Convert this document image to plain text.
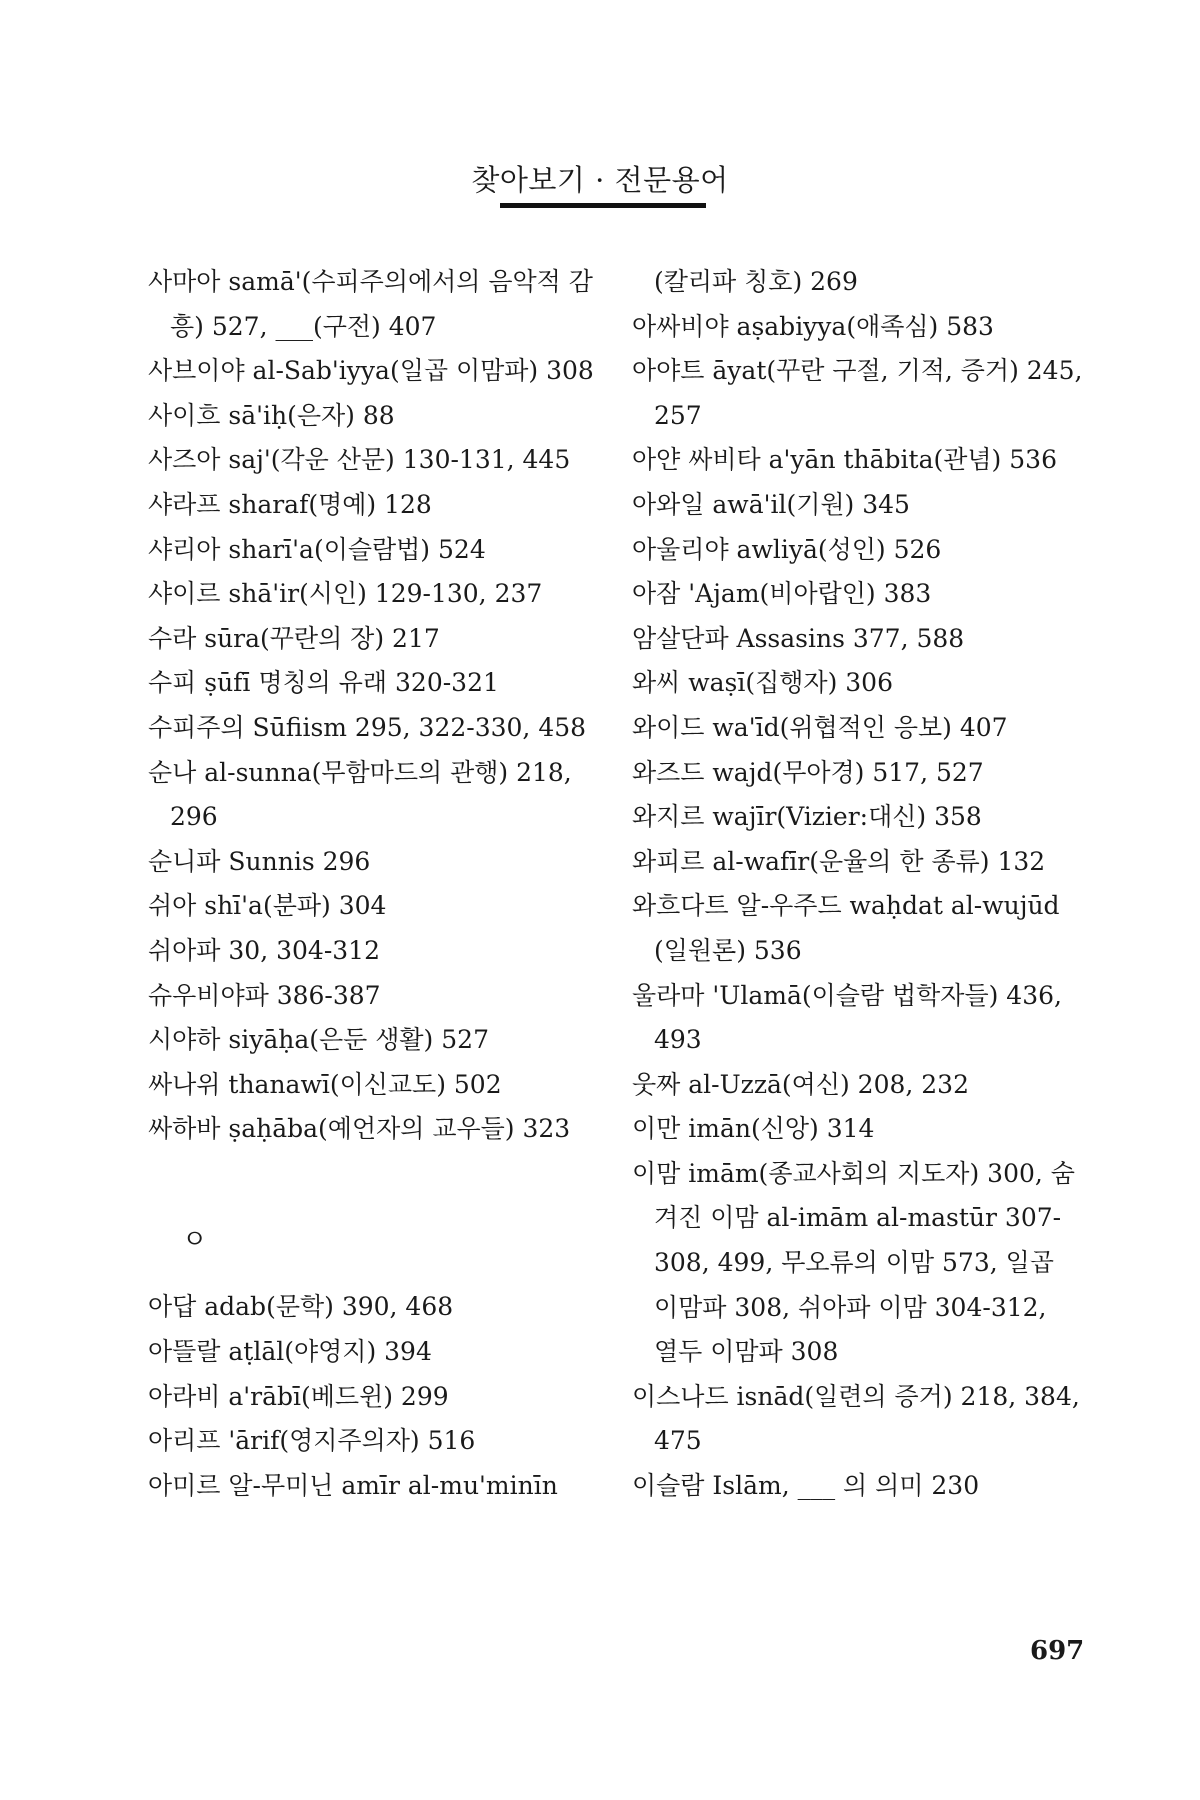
찾아보기 · 전문용어
사마아 samā'(수피주의에서의 음악적 감
흥) 527, ___(구전) 407
사브이야 al-Sab'iyya(일곱 이맘파) 308
사이흐 sā'iḥ(은자) 88
사즈아 saj'(각운 산문) 130-131, 445
샤라프 sharaf(명예) 128
샤리아 sharī'a(이슬람법) 524
샤이르 shā'ir(시인) 129-130, 237
수라 sūra(꾸란의 장) 217
수피 ṣūfī 명칭의 유래 320-321
수피주의 Sūfiism 295, 322-330, 458
순나 al-sunna(무함마드의 관행) 218,
296
순니파 Sunnis 296
쉬아 shī'a(분파) 304
쉬아파 30, 304-312
슈우비야파 386-387
시야하 siyāḥa(은둔 생활) 527
싸나위 thanawī(이신교도) 502
싸하바 ṣaḥāba(예언자의 교우들) 323
ㅇ
아답 adab(문학) 390, 468
아뜰랄 aṭlāl(야영지) 394
아라비 a'rābī(베드윈) 299
아리프 'ārif(영지주의자) 516
아미르 알-무미닌 amīr al-mu'minīn
(칼리파 칭호) 269
아싸비야 aṣabiyya(애족심) 583
아야트 āyat(꾸란 구절, 기적, 증거) 245,
257
아얀 싸비타 a'yān thābita(관념) 536
아와일 awā'il(기원) 345
아울리야 awliyā(성인) 526
아잠 'Ajam(비아랍인) 383
암살단파 Assasins 377, 588
와씨 waṣī(집행자) 306
와이드 wa'īd(위협적인 응보) 407
와즈드 wajd(무아경) 517, 527
와지르 wajīr(Vizier:대신) 358
와피르 al-wafīr(운율의 한 종류) 132
와흐다트 알-우주드 waḥdat al-wujūd
(일원론) 536
울라마 'Ulamā(이슬람 법학자들) 436,
493
웃짜 al-Uzzā(여신) 208, 232
이만 imān(신앙) 314
이맘 imām(종교사회의 지도자) 300, 숨
겨진 이맘 al-imām al-mastūr 307-
308, 499, 무오류의 이맘 573, 일곱
이맘파 308, 쉬아파 이맘 304-312,
열두 이맘파 308
이스나드 isnād(일련의 증거) 218, 384,
475
이슬람 Islām, ___ 의 의미 230
697
